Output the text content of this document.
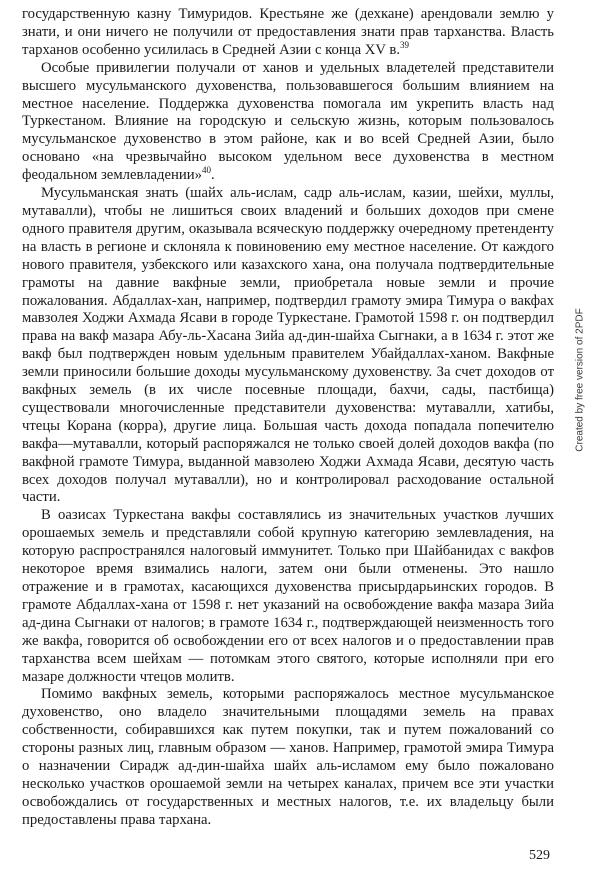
государственную казну Тимуридов. Крестьяне же (дехкане) арендовали землю у знати, и они ничего не получили от предоставления знати прав тарханства. Власть тарханов особенно усилилась в Средней Азии с конца XV в.$^{39}$

Особые привилегии получали от ханов и удельных владетелей представители высшего мусульманского духовенства, пользовавшегося большим влиянием на местное население. Поддержка духовенства помогала им укрепить власть над Туркестаном. Влияние на городскую и сельскую жизнь, которым пользовалось мусульманское духовенство в этом районе, как и во всей Средней Азии, было основано «на чрезвычайно высоком удельном весе духовенства в местном феодальном землевладении»$^{40}$.

Мусульманская знать (шайх аль-ислам, садр аль-ислам, казии, шейхи, муллы, мутавалли), чтобы не лишиться своих владений и больших доходов при смене одного правителя другим, оказывала всяческую поддержку очередному претенденту на власть в регионе и склоняла к повиновению ему местное население. От каждого нового правителя, узбекского или казахского хана, она получала подтвердительные грамоты на давние вакфные земли, приобретала новые земли и прочие пожалования. Абдаллах-хан, например, подтвердил грамоту эмира Тимура о вакфах мавзолея Ходжи Ахмада Ясави в городе Туркестане. Грамотой 1598 г. он подтвердил права на вакф мазара Абу-ль-Хасана Зийа ад-дин-шайха Сыгнаки, а в 1634 г. этот же вакф был подтвержден новым удельным правителем Убайдаллах-ханом. Вакфные земли приносили большие доходы мусульманскому духовенству. За счет доходов от вакфных земель (в их числе посевные площади, бахчи, сады, пастбища) существовали многочисленные представители духовенства: мутавалли, хатибы, чтецы Корана (корра), другие лица. Большая часть дохода попадала попечителю вакфа—мутавалли, который распоряжался не только своей долей доходов вакфа (по вакфной грамоте Тимура, выданной мавзолею Ходжи Ахмада Ясави, десятую часть всех доходов получал мутавалли), но и контролировал расходование остальной части.

В оазисах Туркестана вакфы составлялись из значительных участков лучших орошаемых земель и представляли собой крупную категорию землевладения, на которую распространялся налоговый иммунитет. Только при Шайбанидах с вакфов некоторое время взимались налоги, затем они были отменены. Это нашло отражение и в грамотах, касающихся духовенства присырдарьинских городов. В грамоте Абдаллах-хана от 1598 г. нет указаний на освобождение вакфа мазара Зийа ад-дина Сыгнаки от налогов; в грамоте 1634 г., подтверждающей неизменность того же вакфа, говорится об освобождении его от всех налогов и о предоставлении прав тарханства всем шейхам — потомкам этого святого, которые исполняли при его мазаре должности чтецов молитв.

Помимо вакфных земель, которыми распоряжалось местное мусульманское духовенство, оно владело значительными площадями земель на правах собственности, собиравшихся как путем покупки, так и путем пожалований со стороны разных лиц, главным образом — ханов. Например, грамотой эмира Тимура о назначении Сирадж ад-дин-шайха шайх аль-исламом ему было пожаловано несколько участков орошаемой земли на четырех каналах, причем все эти участки освобождались от государственных и местных налогов, т.е. их владельцу были предоставлены права тархана.

Created by free version of 2PDF
529
